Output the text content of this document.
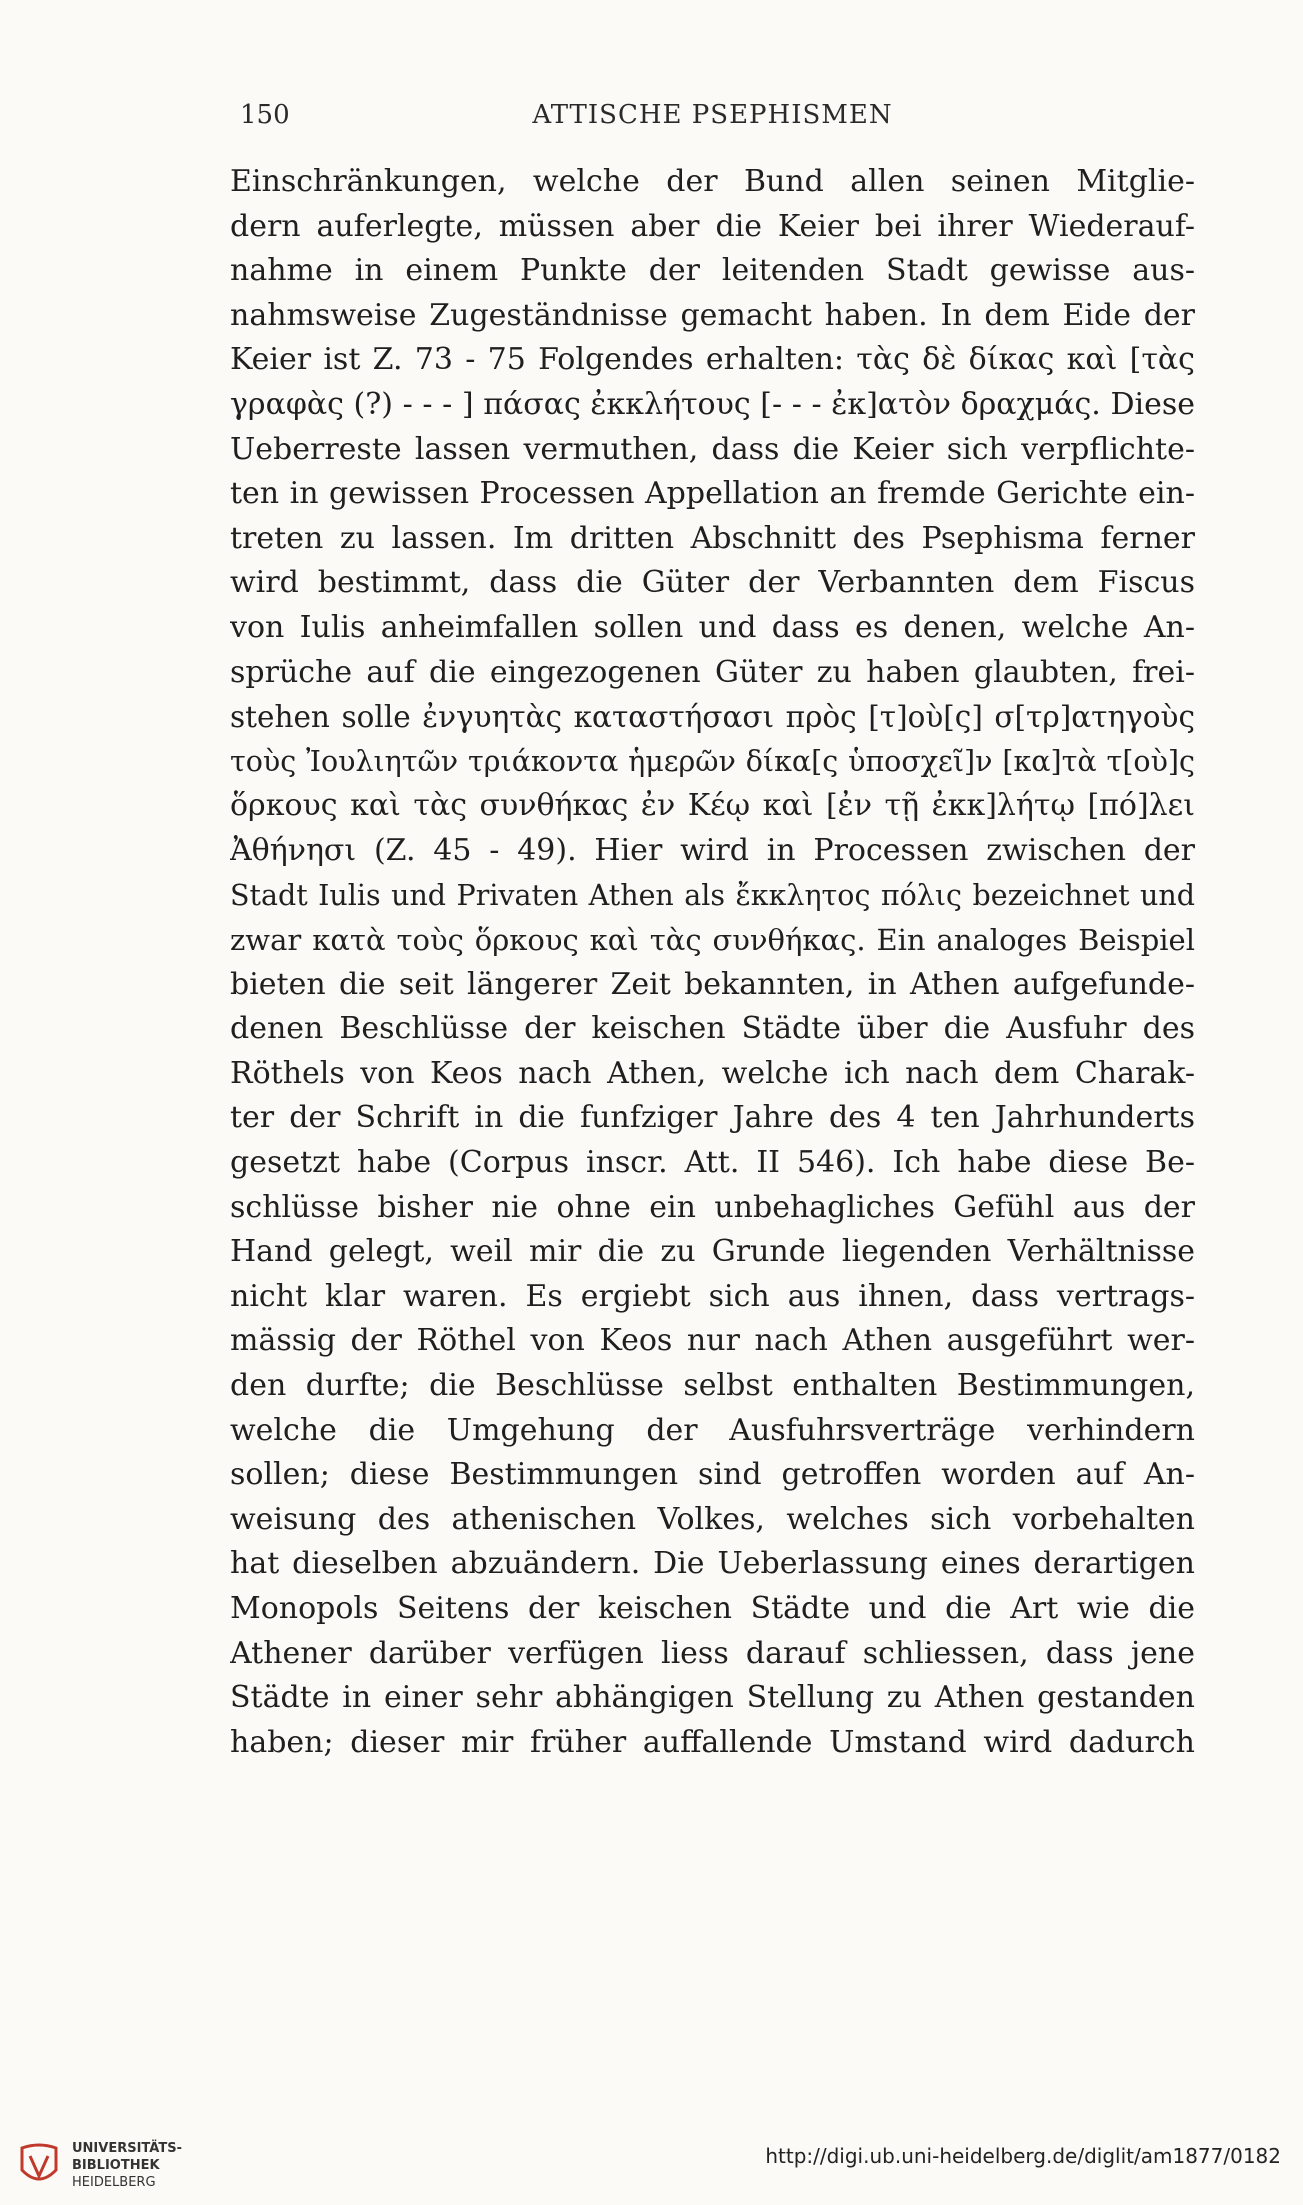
150	ATTISCHE PSEPHISMEN
Einschränkungen, welche der Bund allen seinen Mitglie-
dern auferlegte, müssen aber die Keier bei ihrer Wiederauf-
nahme in einem Punkte der leitenden Stadt gewisse aus-
nahmsweise Zugeständnisse gemacht haben. In dem Eide der
Keier ist Z. 73 - 75 Folgendes erhalten: τὰς δὲ δίκας καὶ [τὰς
γραφὰς (?) - - - ] πάσας ἐκκλήτους [- - - ἐκ]ατὸν δραχμάς. Diese
Ueberreste lassen vermuthen, dass die Keier sich verpflichte-
ten in gewissen Processen Appellation an fremde Gerichte ein-
treten zu lassen. Im dritten Abschnitt des Psephisma ferner
wird bestimmt, dass die Güter der Verbannten dem Fiscus
von Iulis anheimfallen sollen und dass es denen, welche An-
sprüche auf die eingezogenen Güter zu haben glaubten, frei-
stehen solle ἐνγυητὰς καταστήσασι πρὸς [τ]οὺ[ς] σ[τρ]ατηγοὺς
τοὺς Ἰουλιητῶν τριάκοντα ἡμερῶν δίκα[ς ὑποσχεῖ]ν [κα]τὰ τ[οὺ]ς
ὅρκους καὶ τὰς συνθήκας ἐν Κέῳ καὶ [ἐν τῇ ἐκκ]λήτῳ [πό]λει
Ἀθήνησι (Z. 45 - 49). Hier wird in Processen zwischen der
Stadt Iulis und Privaten Athen als ἔκκλητος πόλις bezeichnet und
zwar κατὰ τοὺς ὅρκους καὶ τὰς συνθήκας. Ein analoges Beispiel
bieten die seit längerer Zeit bekannten, in Athen aufgefunde-
denen Beschlüsse der keischen Städte über die Ausfuhr des
Röthels von Keos nach Athen, welche ich nach dem Charak-
ter der Schrift in die funfziger Jahre des 4 ten Jahrhunderts
gesetzt habe (Corpus inscr. Att. II 546). Ich habe diese Be-
schlüsse bisher nie ohne ein unbehagliches Gefühl aus der
Hand gelegt, weil mir die zu Grunde liegenden Verhältnisse
nicht klar waren. Es ergiebt sich aus ihnen, dass vertrags-
mässig der Röthel von Keos nur nach Athen ausgeführt wer-
den durfte; die Beschlüsse selbst enthalten Bestimmungen,
welche die Umgehung der Ausfuhrsverträge verhindern
sollen; diese Bestimmungen sind getroffen worden auf An-
weisung des athenischen Volkes, welches sich vorbehalten
hat dieselben abzuändern. Die Ueberlassung eines derartigen
Monopols Seitens der keischen Städte und die Art wie die
Athener darüber verfügen liess darauf schliessen, dass jene
Städte in einer sehr abhängigen Stellung zu Athen gestanden
haben; dieser mir früher auffallende Umstand wird dadurch
UNIVERSITÄTS-
BIBLIOTHEK
HEIDELBERG
http://digi.ub.uni-heidelberg.de/diglit/am1877/0182
